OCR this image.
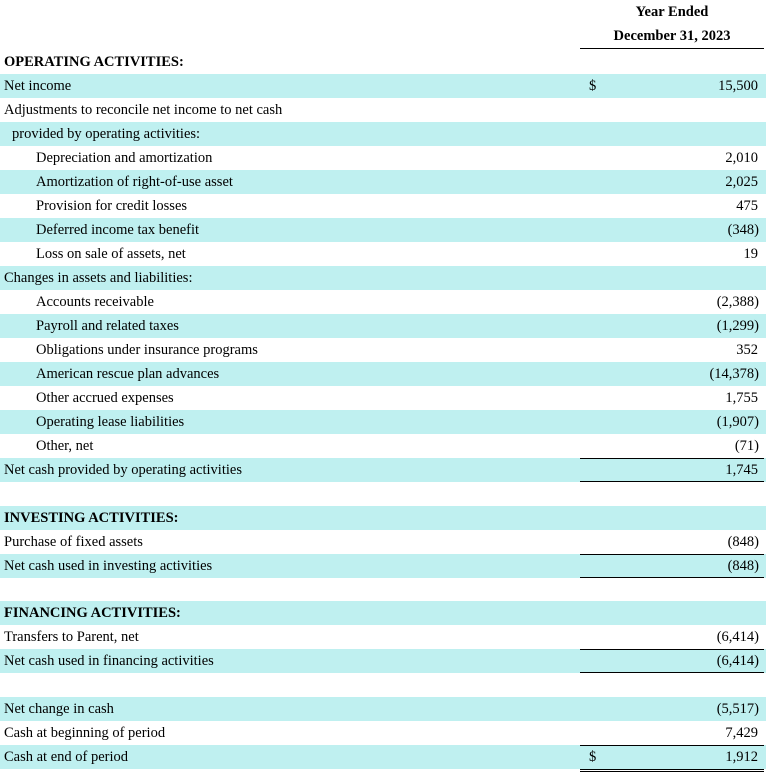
Year Ended
December 31, 2023
OPERATING ACTIVITIES:
Net income	$	15,500
Adjustments to reconcile net income to net cash
provided by operating activities:
Depreciation and amortization	2,010
Amortization of right-of-use asset	2,025
Provision for credit losses	475
Deferred income tax benefit	(348)
Loss on sale of assets, net	19
Changes in assets and liabilities:
Accounts receivable	(2,388)
Payroll and related taxes	(1,299)
Obligations under insurance programs	352
American rescue plan advances	(14,378)
Other accrued expenses	1,755
Operating lease liabilities	(1,907)
Other, net	(71)
Net cash provided by operating activities	1,745
INVESTING ACTIVITIES:
Purchase of fixed assets	(848)
Net cash used in investing activities	(848)
FINANCING ACTIVITIES:
Transfers to Parent, net	(6,414)
Net cash used in financing activities	(6,414)
Net change in cash	(5,517)
Cash at beginning of period	7,429
Cash at end of period	$	1,912
